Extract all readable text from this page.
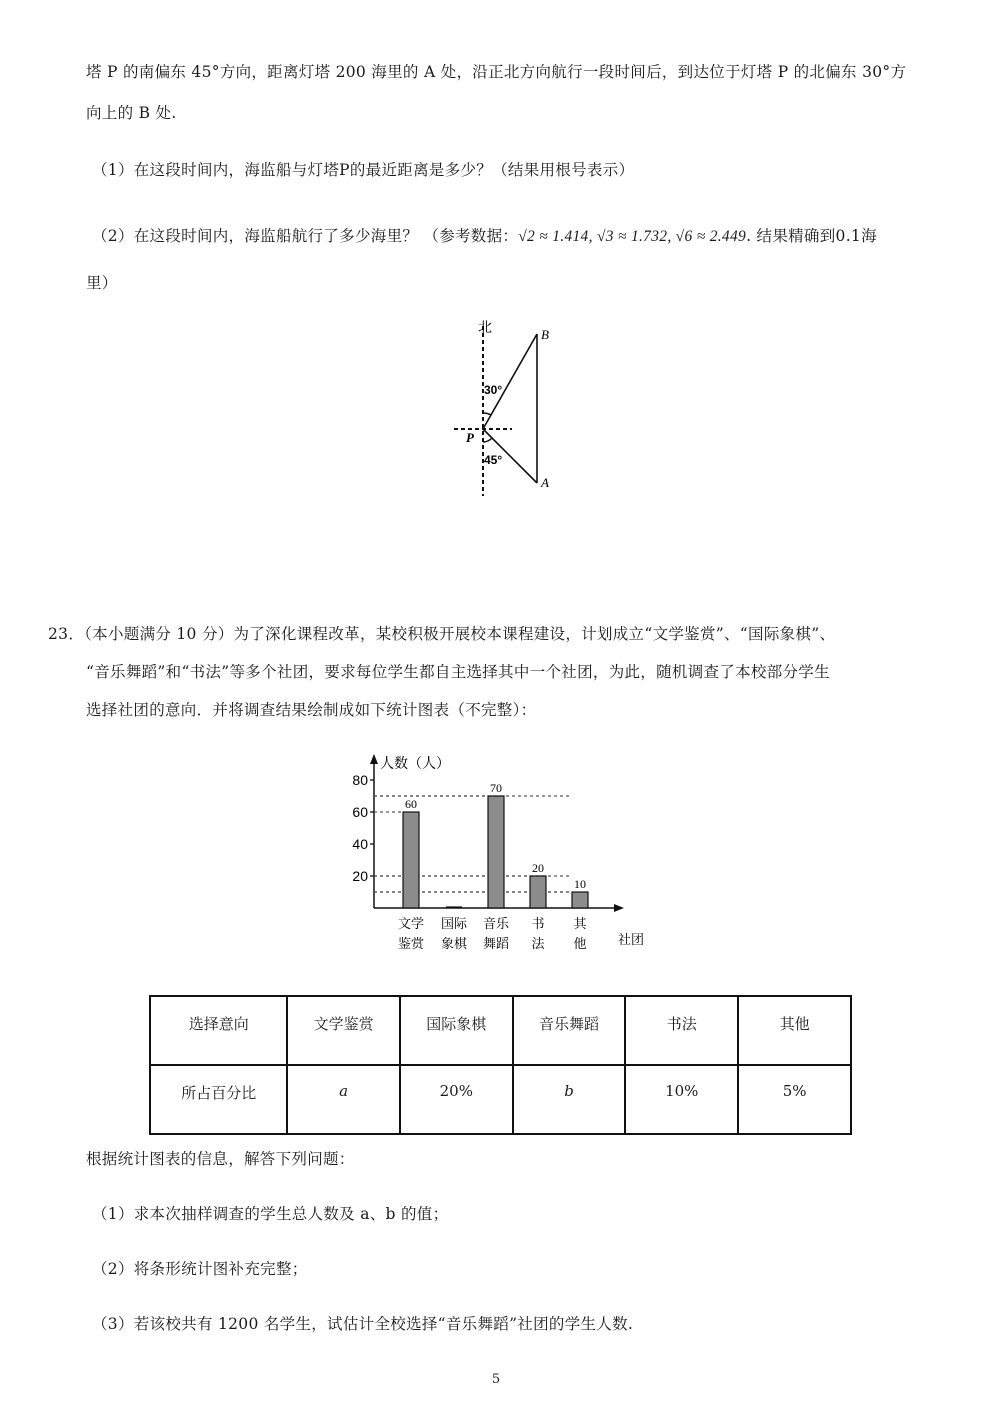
塔 P 的南偏东 45°方向，距离灯塔 200 海里的 A 处，沿正北方向航行一段时间后，到达位于灯塔 P 的北偏东 30°方
向上的 B 处.
（1）在这段时间内，海监船与灯塔P的最近距离是多少？（结果用根号表示）
（2）在这段时间内，海监船航行了多少海里？ （参考数据：√2 ≈ 1.414, √3 ≈ 1.732, √6 ≈ 2.449. 结果精确到0.1海
里）
北	B
A
P
30°
45°
23．（本小题满分 10 分）为了深化课程改革，某校积极开展校本课程建设，计划成立“文学鉴赏”、“国际象棋”、
“音乐舞蹈”和“书法”等多个社团，要求每位学生都自主选择其中一个社团，为此，随机调查了本校部分学生
选择社团的意向．并将调查结果绘制成如下统计图表（不完整）：
人数（人）
社团
20
40
60
80
60
70
20
10
文学
鉴赏
国际
象棋
音乐
舞蹈
书
法
其
他
选择意向	文学鉴赏	国际象棋	音乐舞蹈	书法	其他
所占百分比	a	20%	b	10%	5%
根据统计图表的信息，解答下列问题：
（1）求本次抽样调查的学生总人数及 a、b 的值；
（2）将条形统计图补充完整；
（3）若该校共有 1200 名学生，试估计全校选择“音乐舞蹈”社团的学生人数.
5
